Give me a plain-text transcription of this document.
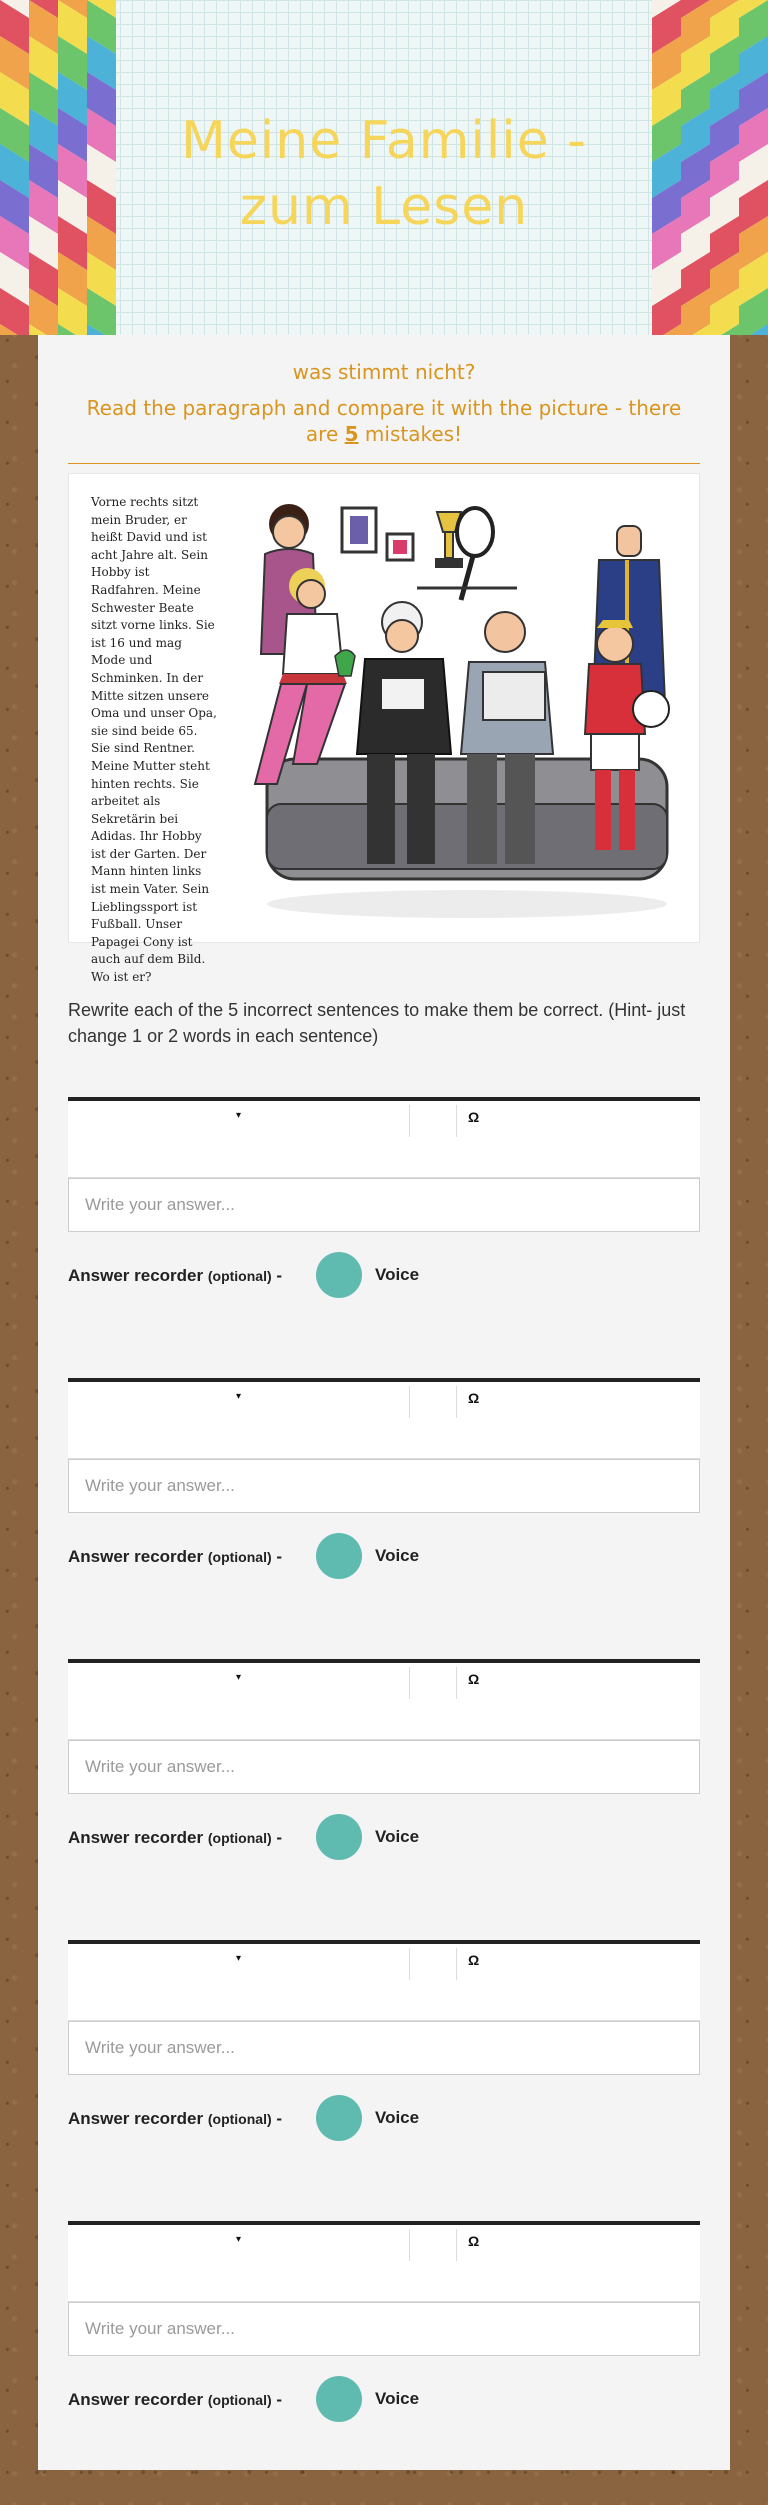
Meine Familie - zum Lesen
was stimmt nicht?
Read the paragraph and compare it with the picture - there are 5 mistakes!
Vorne rechts sitzt mein Bruder, er heißt David und ist acht Jahre alt. Sein Hobby ist Radfahren. Meine Schwester Beate sitzt vorne links. Sie ist 16 und mag Mode und Schminken. In der Mitte sitzen unsere Oma und unser Opa, sie sind beide 65. Sie sind Rentner. Meine Mutter steht hinten rechts. Sie arbeitet als Sekretärin bei Adidas. Ihr Hobby ist der Garten. Der Mann hinten links ist mein Vater. Sein Lieblingssport ist Fußball. Unser Papagei Cony ist auch auf dem Bild. Wo ist er?
Rewrite each of the 5 incorrect sentences to make them be correct. (Hint- just change 1 or 2 words in each sentence)
▾	Ω
Write your answer...
Answer recorder (optional) -	Voice
▾	Ω
Write your answer...
Answer recorder (optional) -	Voice
▾	Ω
Write your answer...
Answer recorder (optional) -	Voice
▾	Ω
Write your answer...
Answer recorder (optional) -	Voice
▾	Ω
Write your answer...
Answer recorder (optional) -	Voice
